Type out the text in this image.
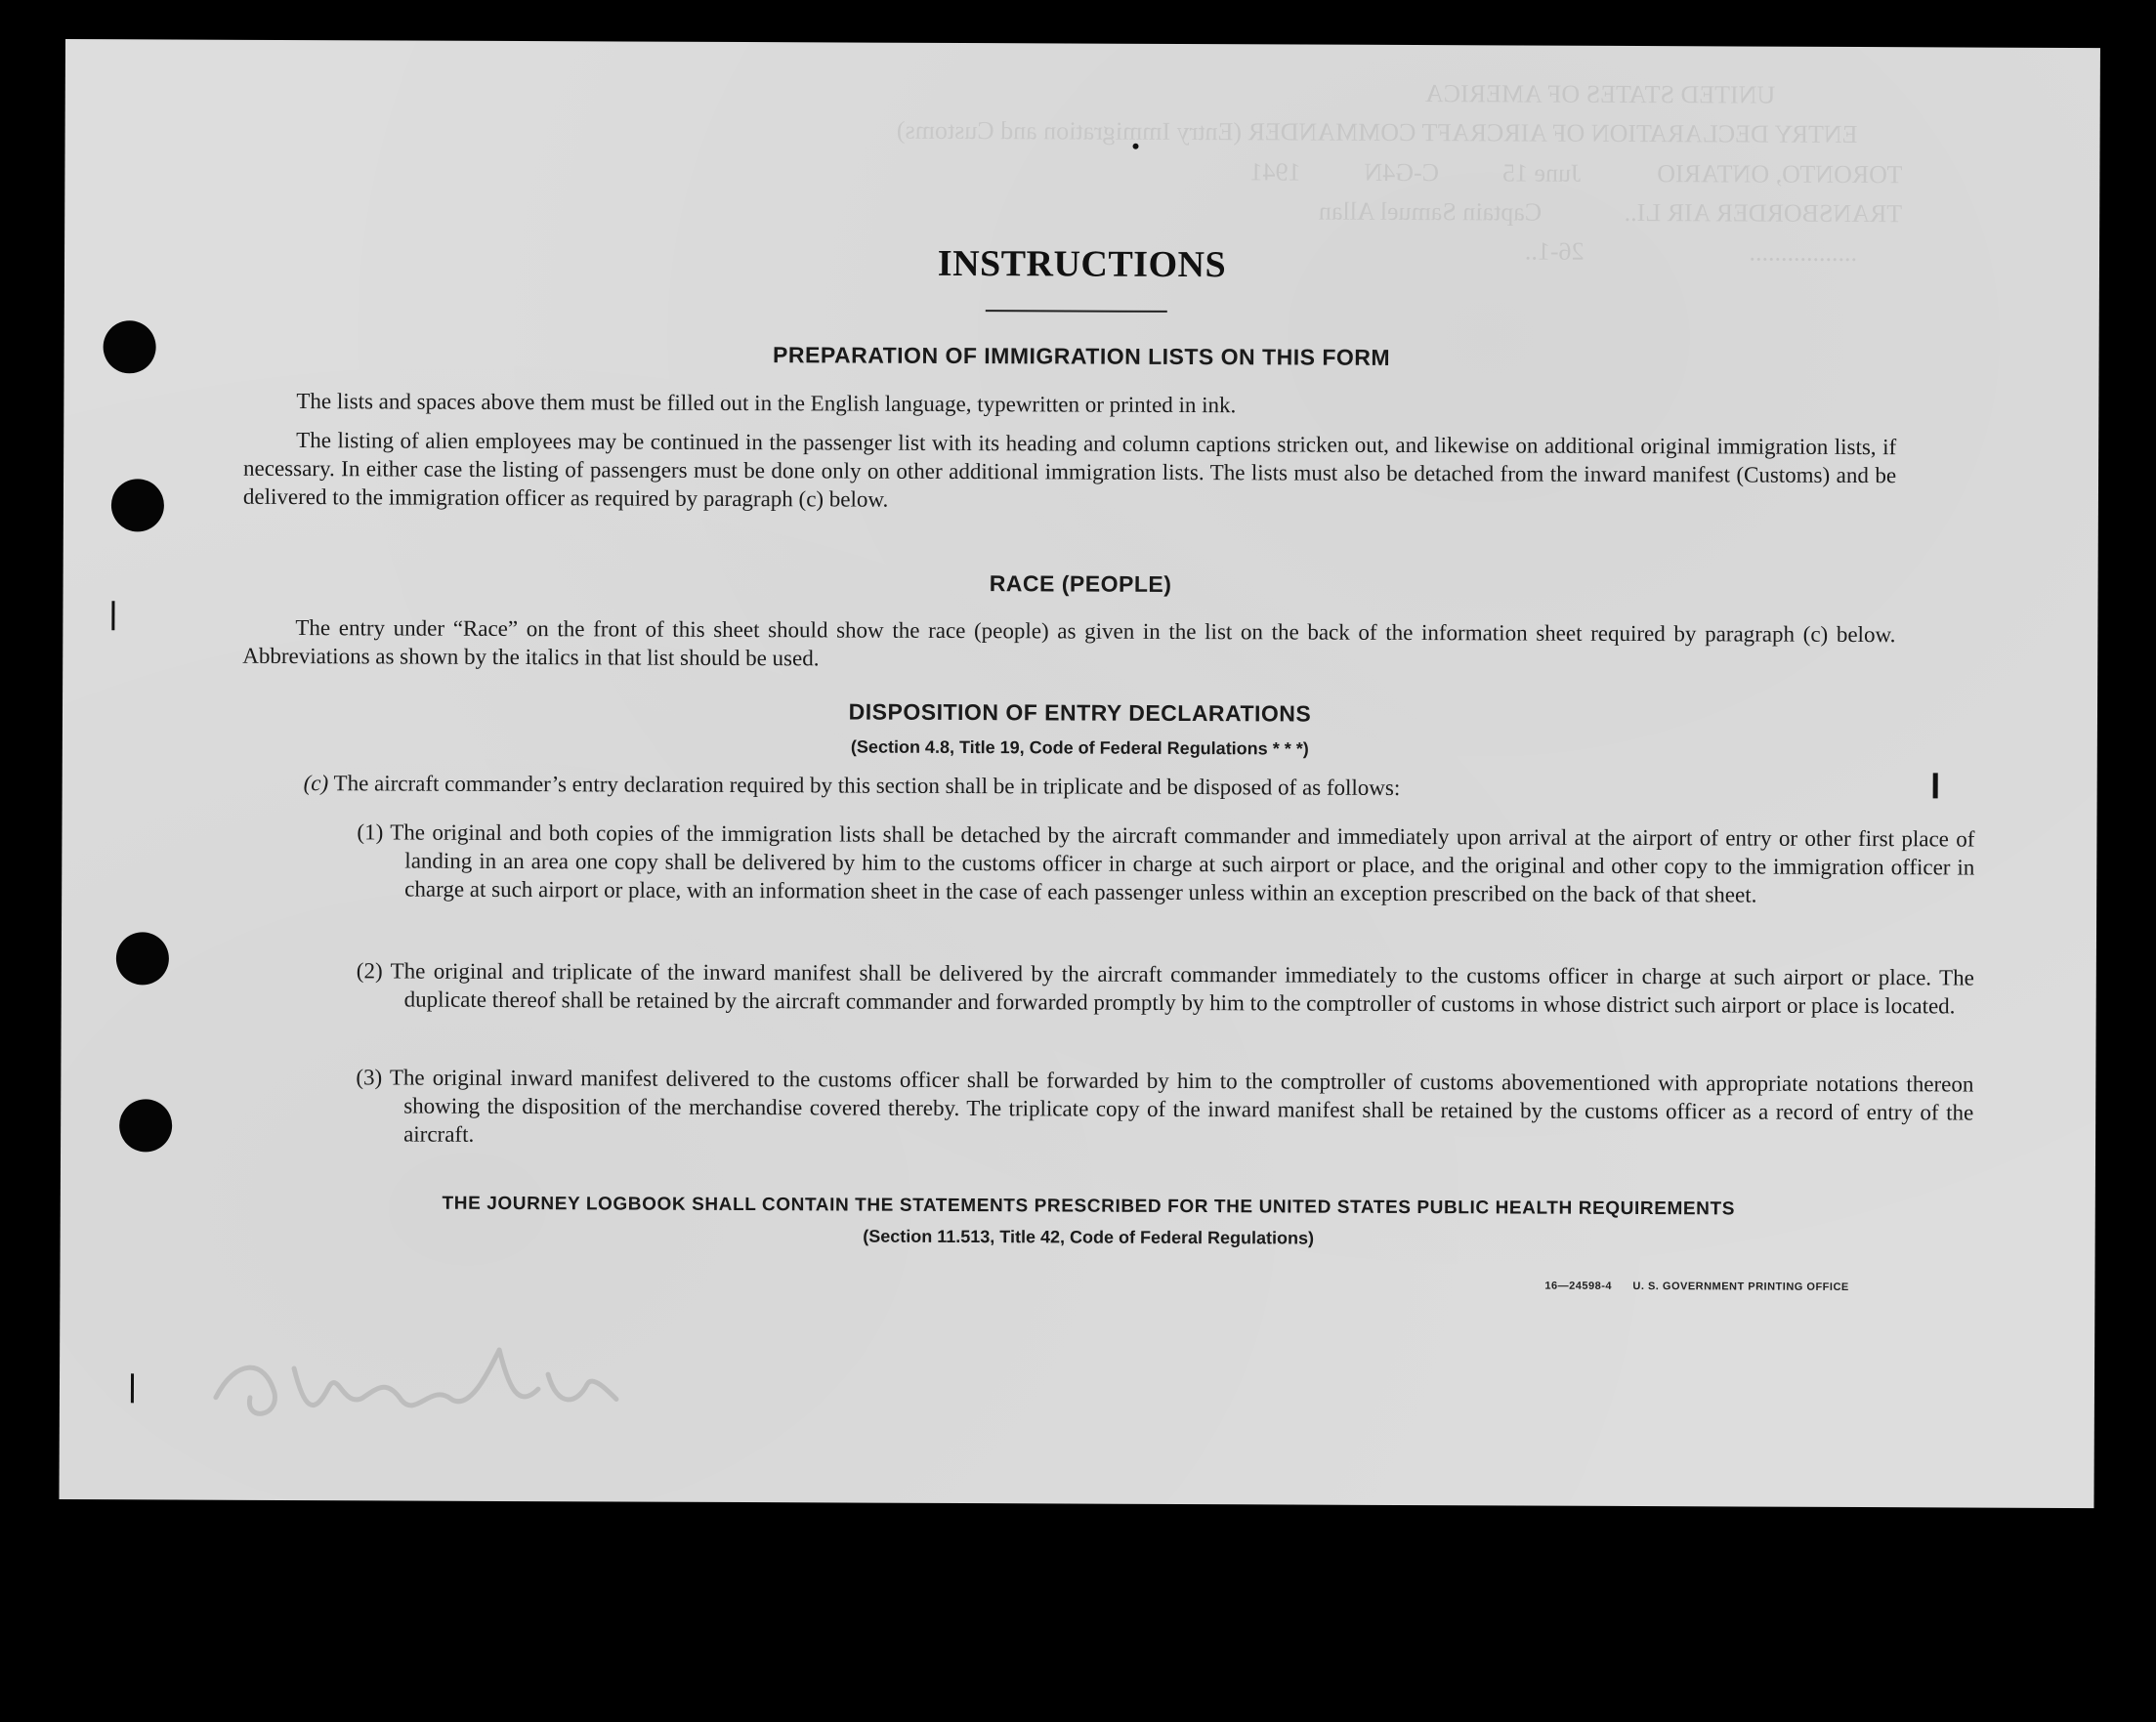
UNITED STATES OF AMERICA
ENTRY DECLARATION OF AIRCRAFT COMMANDER (Entry Immigration and Customs)
TORONTO, ONTARIO            June 15          C-G4N          1941
TRANSBORDER AIR LI..             Captain Samuel Allan
.................                          26-1..
INSTRUCTIONS
PREPARATION OF IMMIGRATION LISTS ON THIS FORM

The lists and spaces above them must be filled out in the English language, typewritten or printed in ink.

The listing of alien employees may be continued in the passenger list with its heading and column captions stricken out, and likewise on additional original immigration lists, if necessary. In either case the listing of passengers must be done only on other additional immigration lists. The lists must also be detached from the inward manifest (Customs) and be delivered to the immigration officer as required by paragraph (c) below.

RACE (PEOPLE)

The entry under “Race” on the front of this sheet should show the race (people) as given in the list on the back of the information sheet required by paragraph (c) below. Abbreviations as shown by the italics in that list should be used.

DISPOSITION OF ENTRY DECLARATIONS
(Section 4.8, Title 19, Code of Federal Regulations * * *)

(c) The aircraft commander’s entry declaration required by this section shall be in triplicate and be disposed of as follows:

(1) The original and both copies of the immigration lists shall be detached by the aircraft commander and immediately upon arrival at the airport of entry or other first place of landing in an area one copy shall be delivered by him to the customs officer in charge at such airport or place, and the original and other copy to the immigration officer in charge at such airport or place, with an information sheet in the case of each passenger unless within an exception prescribed on the back of that sheet.

(2) The original and triplicate of the inward manifest shall be delivered by the aircraft commander immediately to the customs officer in charge at such airport or place. The duplicate thereof shall be retained by the aircraft commander and forwarded promptly by him to the comptroller of customs in whose district such airport or place is located.

(3) The original inward manifest delivered to the customs officer shall be forwarded by him to the comptroller of customs abovementioned with appropriate notations thereon showing the disposition of the merchandise covered thereby. The triplicate copy of the inward manifest shall be retained by the customs officer as a record of entry of the aircraft.

THE JOURNEY LOGBOOK SHALL CONTAIN THE STATEMENTS PRESCRIBED FOR THE UNITED STATES PUBLIC HEALTH REQUIREMENTS
(Section 11.513, Title 42, Code of Federal Regulations)
16—24598-4 U. S. GOVERNMENT PRINTING OFFICE
